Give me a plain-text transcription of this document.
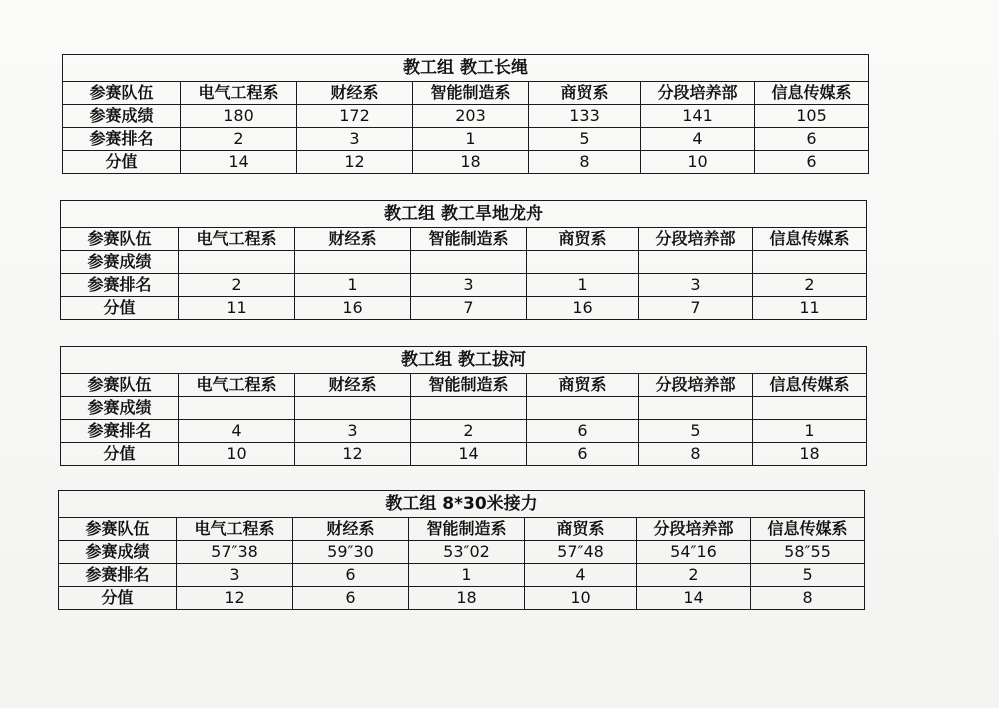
教工组 教工长绳						
参赛队伍	电气工程系	财经系	智能制造系	商贸系	分段培养部	信息传媒系
参赛成绩	180	172	203	133	141	105
参赛排名	2	3	1	5	4	6
分值	14	12	18	8	10	6
教工组 教工旱地龙舟						
参赛队伍	电气工程系	财经系	智能制造系	商贸系	分段培养部	信息传媒系
参赛成绩						
参赛排名	2	1	3	1	3	2
分值	11	16	7	16	7	11
教工组 教工拔河						
参赛队伍	电气工程系	财经系	智能制造系	商贸系	分段培养部	信息传媒系
参赛成绩						
参赛排名	4	3	2	6	5	1
分值	10	12	14	6	8	18
教工组 8*30米接力						
参赛队伍	电气工程系	财经系	智能制造系	商贸系	分段培养部	信息传媒系
参赛成绩	57″38	59″30	53″02	57″48	54″16	58″55
参赛排名	3	6	1	4	2	5
分值	12	6	18	10	14	8
